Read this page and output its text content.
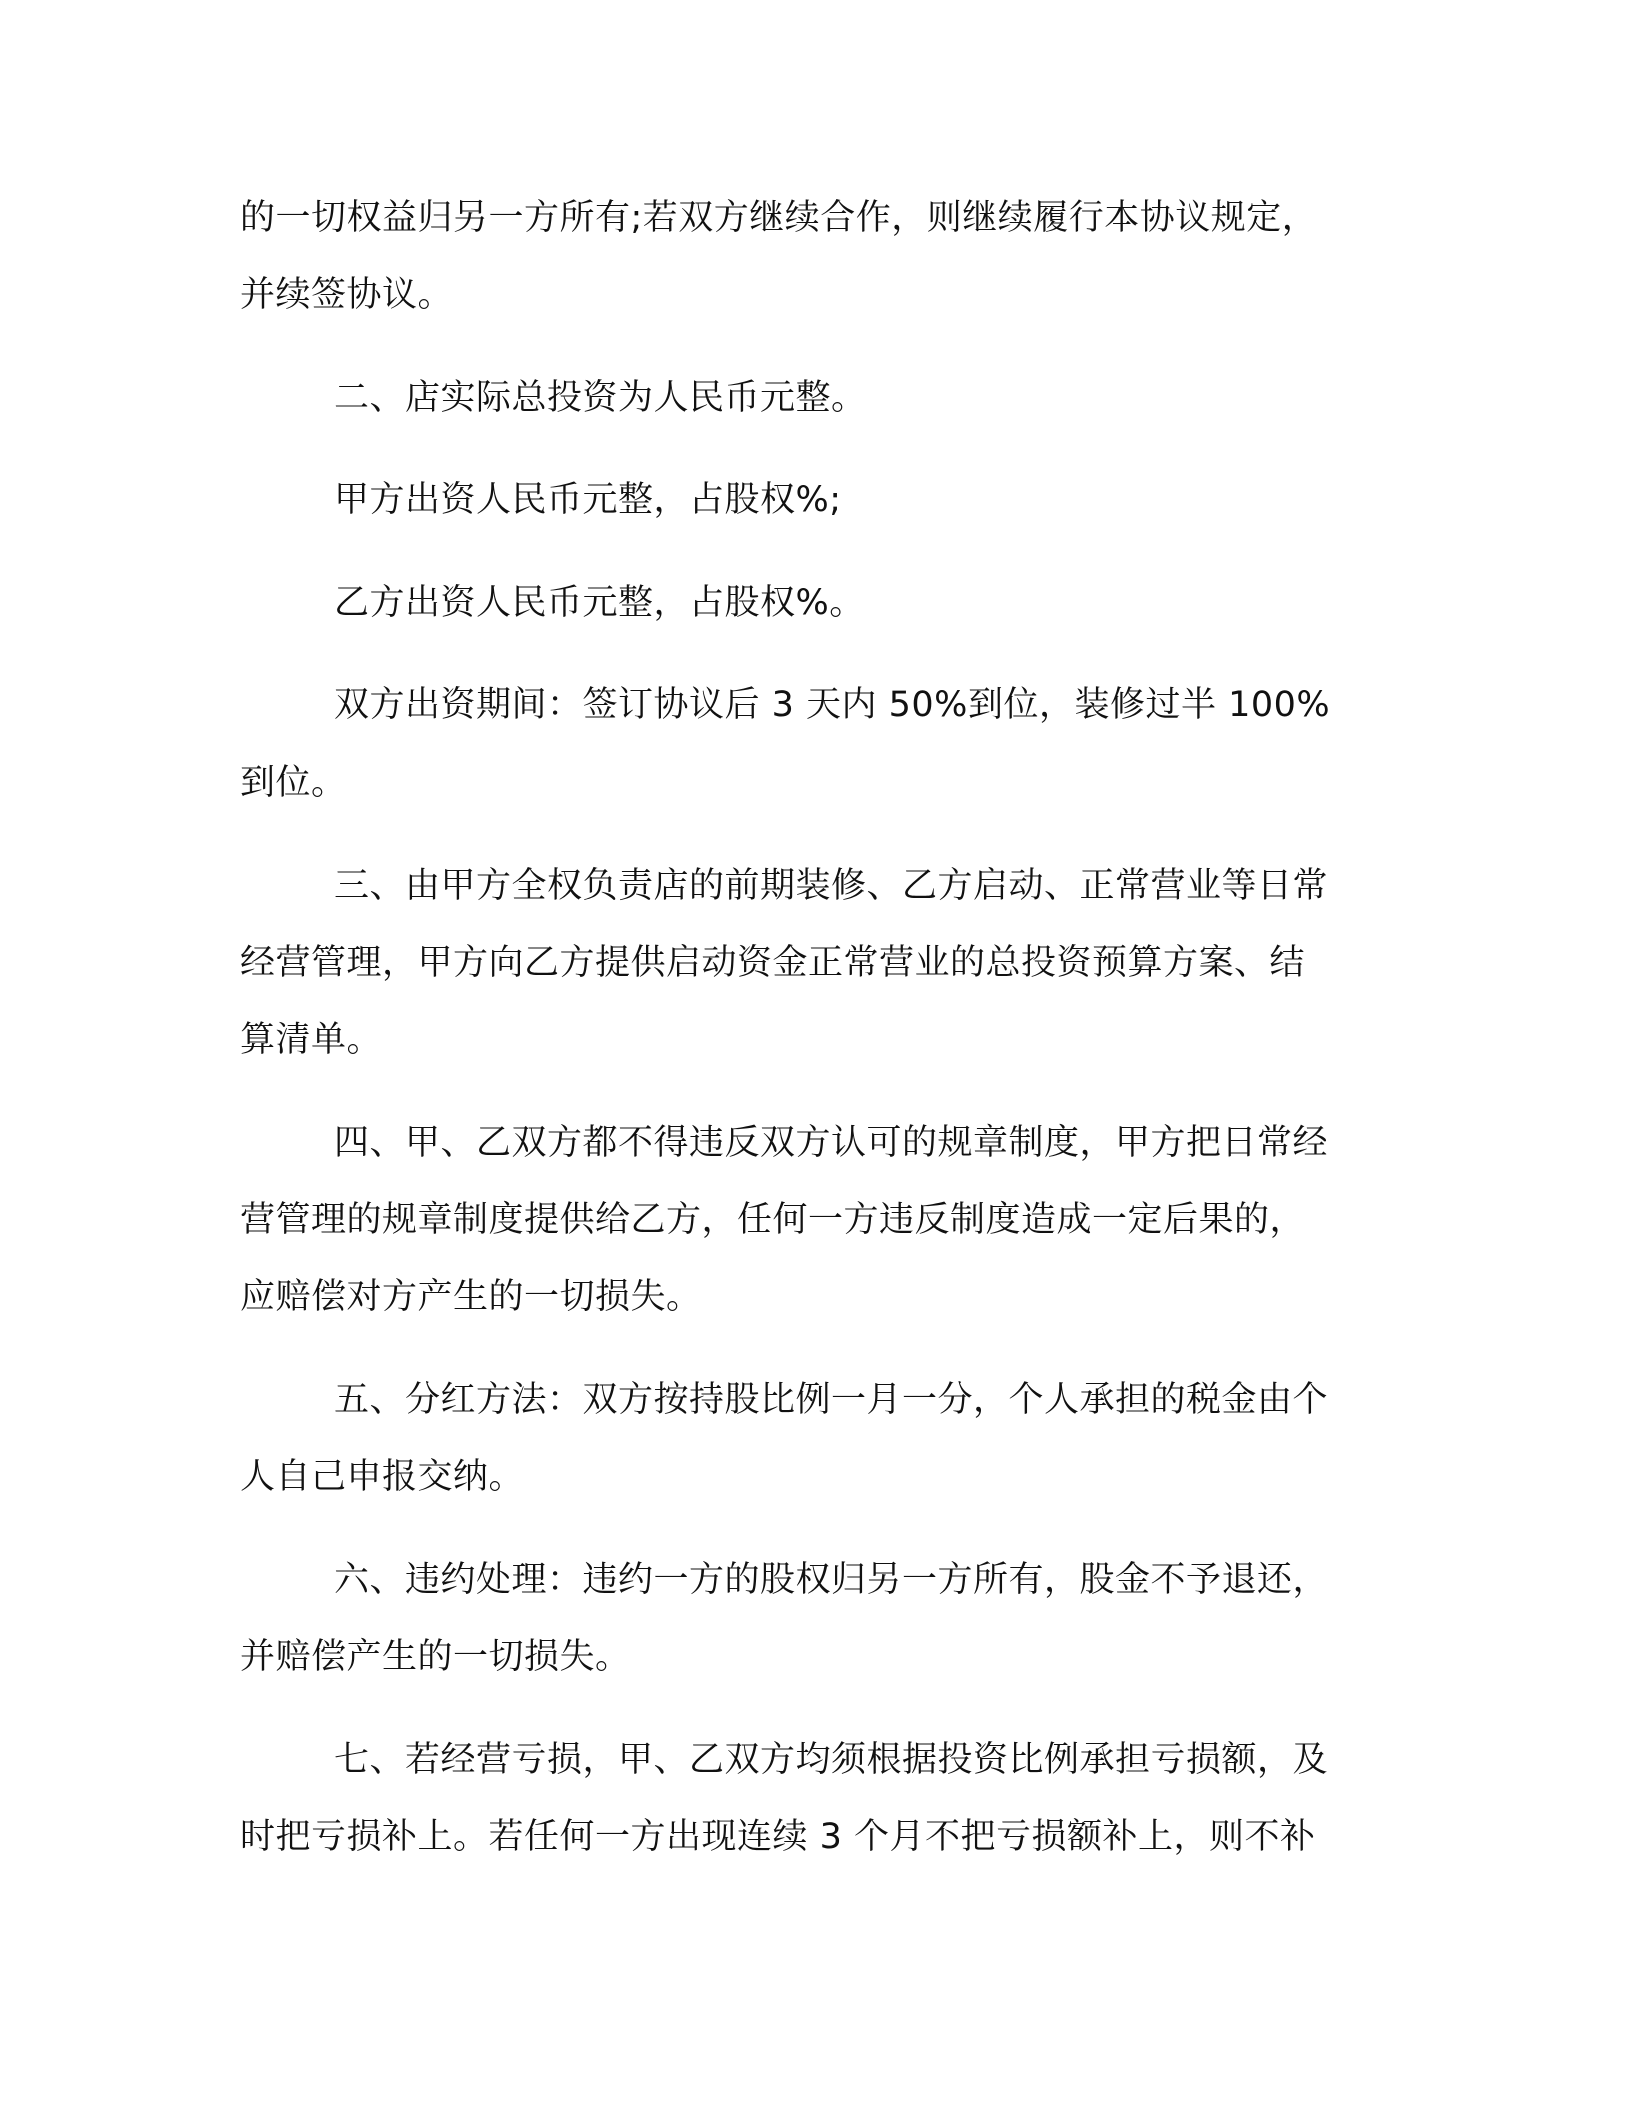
的一切权益归另一方所有;若双方继续合作，则继续履行本协议规定，
并续签协议。
二、店实际总投资为人民币元整。
甲方出资人民币元整，占股权%;
乙方出资人民币元整，占股权%。
双方出资期间：签订协议后 3 天内 50%到位，装修过半 100%
到位。
三、由甲方全权负责店的前期装修、乙方启动、正常营业等日常
经营管理，甲方向乙方提供启动资金正常营业的总投资预算方案、结
算清单。
四、甲、乙双方都不得违反双方认可的规章制度，甲方把日常经
营管理的规章制度提供给乙方，任何一方违反制度造成一定后果的，
应赔偿对方产生的一切损失。
五、分红方法：双方按持股比例一月一分，个人承担的税金由个
人自己申报交纳。
六、违约处理：违约一方的股权归另一方所有，股金不予退还，
并赔偿产生的一切损失。
七、若经营亏损，甲、乙双方均须根据投资比例承担亏损额，及
时把亏损补上。若任何一方出现连续 3 个月不把亏损额补上，则不补
